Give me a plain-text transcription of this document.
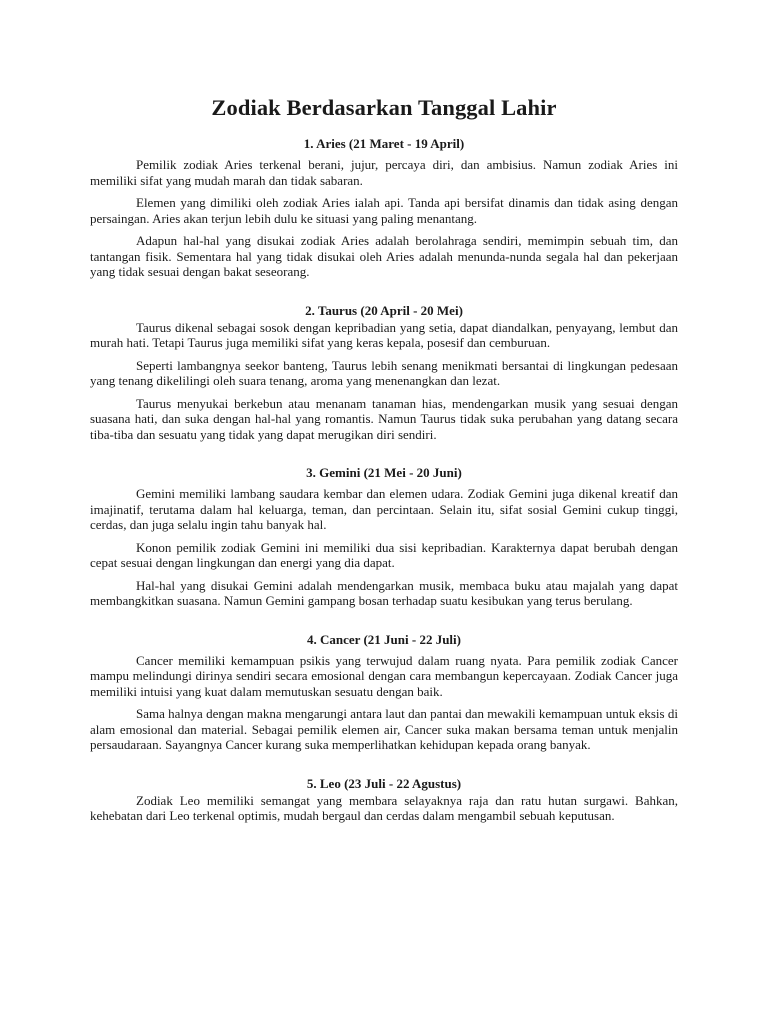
Zodiak Berdasarkan Tanggal Lahir
1. Aries (21 Maret - 19 April)

Pemilik zodiak Aries terkenal berani, jujur, percaya diri, dan ambisius. Namun zodiak Aries ini memiliki sifat yang mudah marah dan tidak sabaran.

Elemen yang dimiliki oleh zodiak Aries ialah api. Tanda api bersifat dinamis dan tidak asing dengan persaingan. Aries akan terjun lebih dulu ke situasi yang paling menantang.

Adapun hal-hal yang disukai zodiak Aries adalah berolahraga sendiri, memimpin sebuah tim, dan tantangan fisik. Sementara hal yang tidak disukai oleh Aries adalah menunda-nunda segala hal dan pekerjaan yang tidak sesuai dengan bakat seseorang.

2. Taurus (20 April - 20 Mei)

Taurus dikenal sebagai sosok dengan kepribadian yang setia, dapat diandalkan, penyayang, lembut dan murah hati. Tetapi Taurus juga memiliki sifat yang keras kepala, posesif dan cemburuan.

Seperti lambangnya seekor banteng, Taurus lebih senang menikmati bersantai di lingkungan pedesaan yang tenang dikelilingi oleh suara tenang, aroma yang menenangkan dan lezat.

Taurus menyukai berkebun atau menanam tanaman hias, mendengarkan musik yang sesuai dengan suasana hati, dan suka dengan hal-hal yang romantis. Namun Taurus tidak suka perubahan yang datang secara tiba-tiba dan sesuatu yang tidak yang dapat merugikan diri sendiri.

3. Gemini (21 Mei - 20 Juni)

Gemini memiliki lambang saudara kembar dan elemen udara. Zodiak Gemini juga dikenal kreatif dan imajinatif, terutama dalam hal keluarga, teman, dan percintaan. Selain itu, sifat sosial Gemini cukup tinggi, cerdas, dan juga selalu ingin tahu banyak hal.

Konon pemilik zodiak Gemini ini memiliki dua sisi kepribadian. Karakternya dapat berubah dengan cepat sesuai dengan lingkungan dan energi yang dia dapat.

Hal-hal yang disukai Gemini adalah mendengarkan musik, membaca buku atau majalah yang dapat membangkitkan suasana. Namun Gemini gampang bosan terhadap suatu kesibukan yang terus berulang.

4. Cancer (21 Juni - 22 Juli)

Cancer memiliki kemampuan psikis yang terwujud dalam ruang nyata. Para pemilik zodiak Cancer mampu melindungi dirinya sendiri secara emosional dengan cara membangun kepercayaan. Zodiak Cancer juga memiliki intuisi yang kuat dalam memutuskan sesuatu dengan baik.

Sama halnya dengan makna mengarungi antara laut dan pantai dan mewakili kemampuan untuk eksis di alam emosional dan material. Sebagai pemilik elemen air, Cancer suka makan bersama teman untuk menjalin persaudaraan. Sayangnya Cancer kurang suka memperlihatkan kehidupan kepada orang banyak.

5. Leo (23 Juli - 22 Agustus)

Zodiak Leo memiliki semangat yang membara selayaknya raja dan ratu hutan surgawi. Bahkan, kehebatan dari Leo terkenal optimis, mudah bergaul dan cerdas dalam mengambil sebuah keputusan.
